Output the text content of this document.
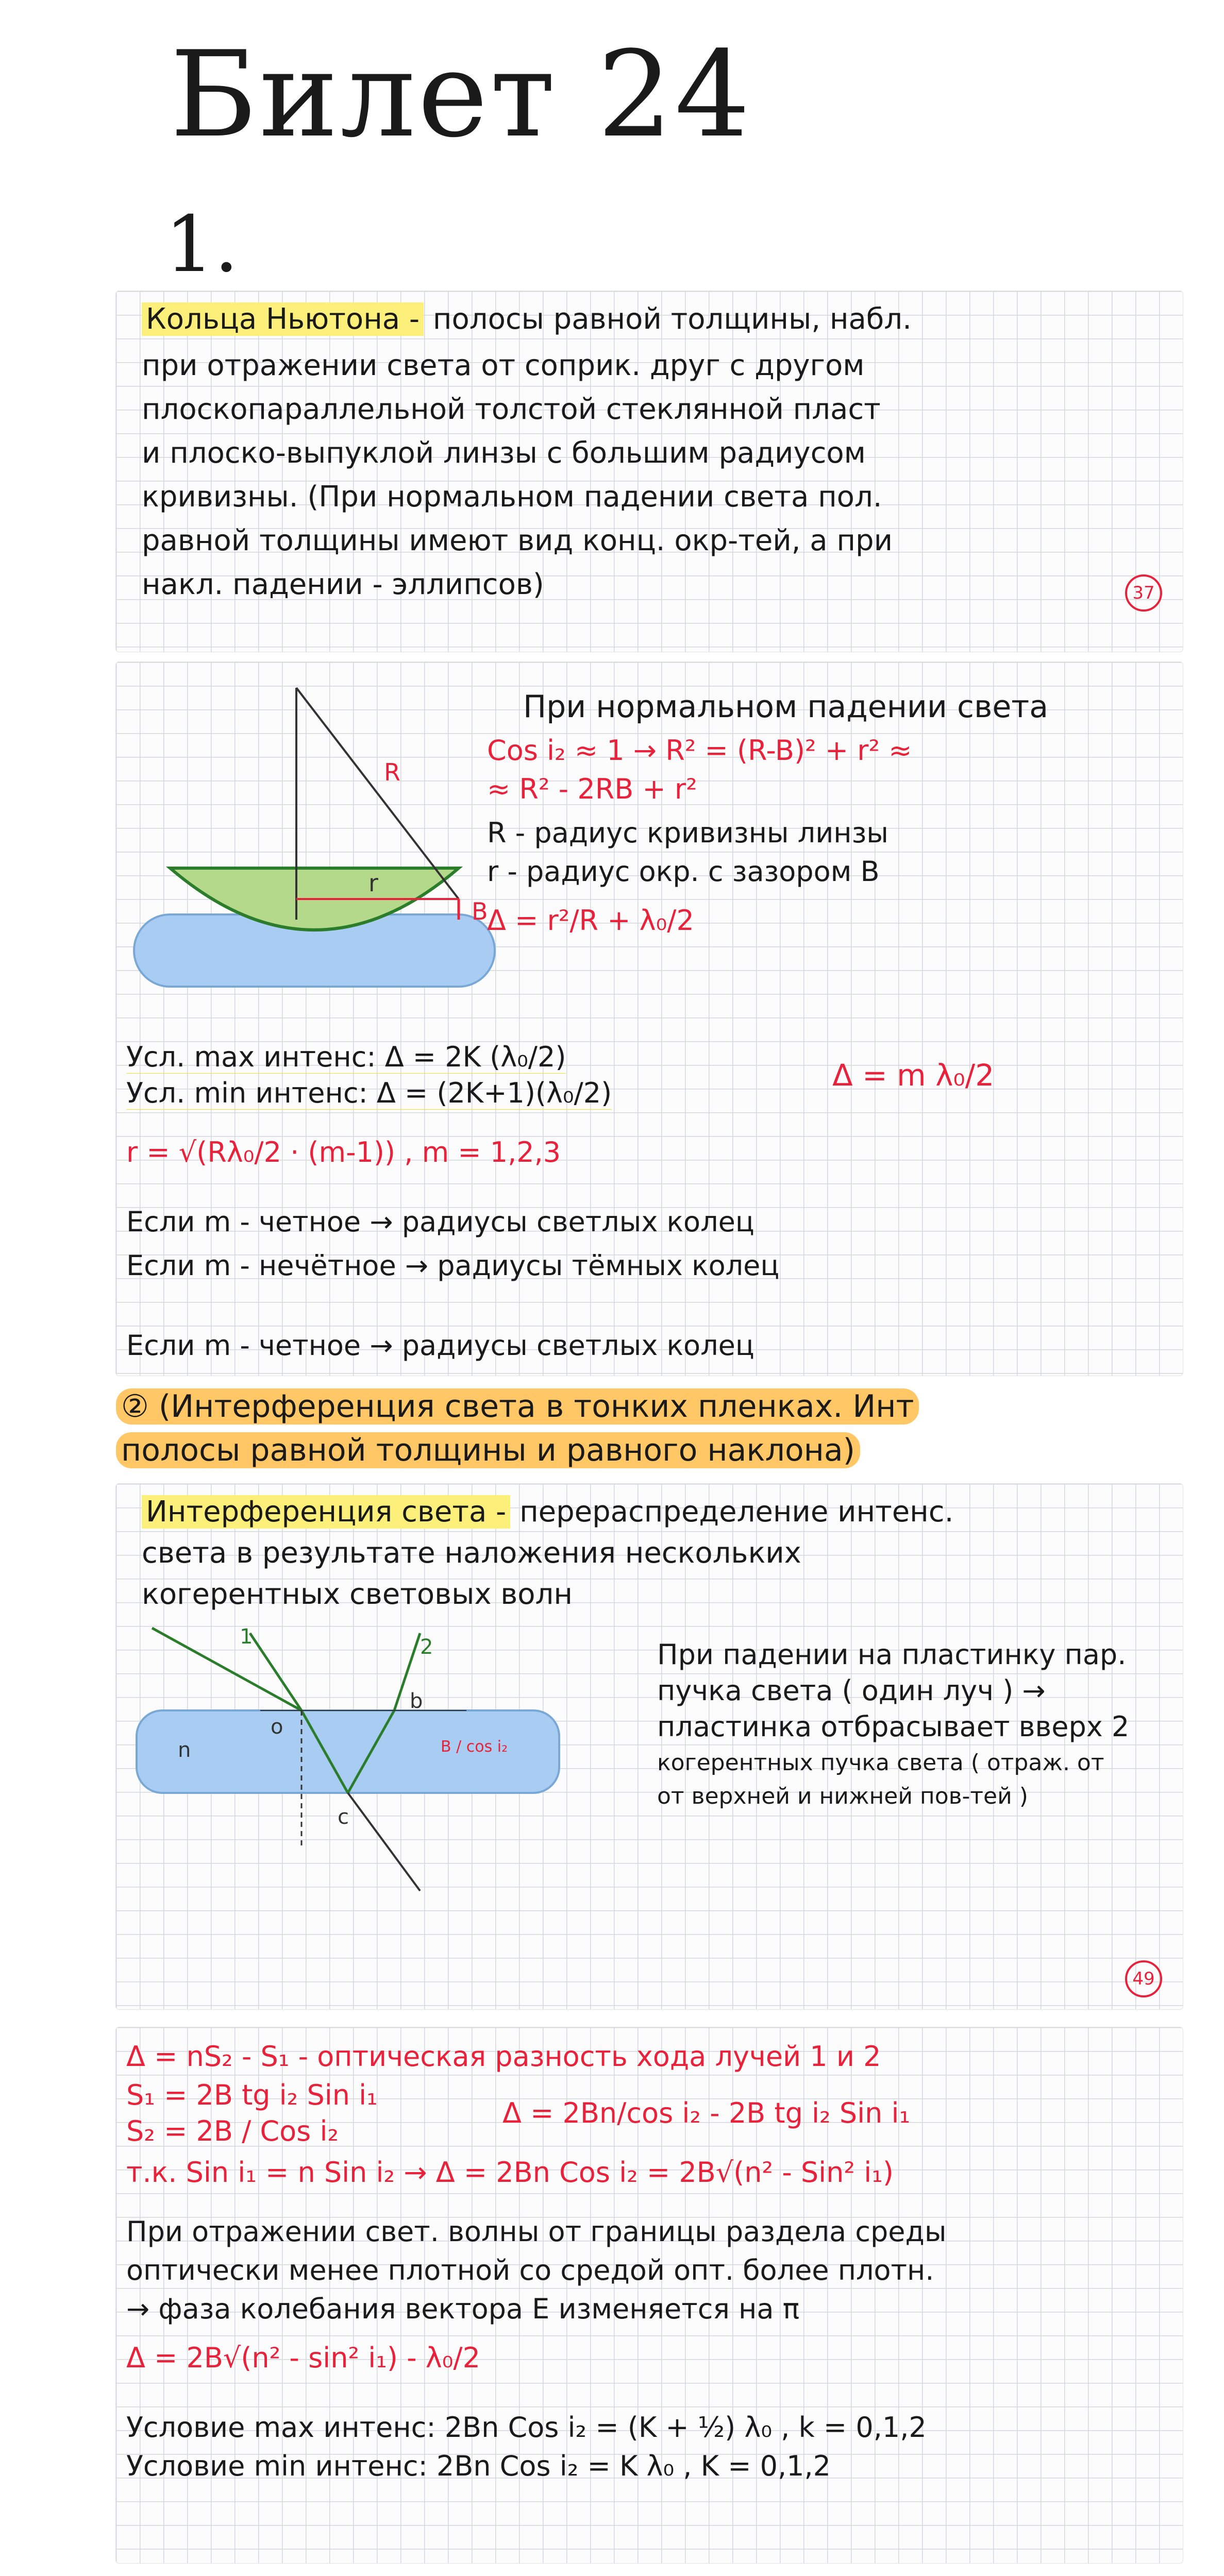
Билет 24
1.
Кольца Ньютона - полосы равной толщины, набл.
при отражении света от соприк. друг с другом
плоскопараллельной толстой стеклянной пласт
и плоско-выпуклой линзы с большим радиусом
кривизны. (При нормальном падении света пол.
равной толщины имеют вид конц. окр-тей, а при
накл. падении - эллипсов)	37
R
r
B
При нормальном падении света
Cos i₂ ≈ 1 → R² = (R-B)² + r² ≈
≈ R² - 2RB + r²
R - радиус кривизны линзы
r - радиус окр. с зазором B
Δ = r²/R + λ₀/2
Усл. max интенс: Δ = 2K (λ₀/2)
Усл. min интенс: Δ = (2K+1)(λ₀/2)
Δ = m λ₀/2
r = √(Rλ₀/2 · (m-1)) , m = 1,2,3
Если m - четное → радиусы светлых колец
Если m - нечётное → радиусы тёмных колец
Если m - четное → радиусы светлых колец
② (Интерференция света в тонких пленках. Инт
полосы равной толщины и равного наклона)
Интерференция света - перераспределение интенс.
света в результате наложения нескольких
когерентных световых волн
1	2
n
o
c
b
B / cos i₂
При падении на пластинку пар.
пучка света ( один луч ) →
пластинка отбрасывает вверх 2
когерентных пучка света ( отраж. от
от верхней и нижней пов-тей )
49
Δ = nS₂ - S₁ - оптическая разность хода лучей 1 и 2
S₁ = 2B tg i₂ Sin i₁
S₂ = 2B / Cos i₂
Δ = 2Bn/cos i₂ - 2B tg i₂ Sin i₁
т.к. Sin i₁ = n Sin i₂ → Δ = 2Bn Cos i₂ = 2B√(n² - Sin² i₁)
При отражении свет. волны от границы раздела среды
оптически менее плотной со средой опт. более плотн.
→ фаза колебания вектора E изменяется на π
Δ = 2B√(n² - sin² i₁) - λ₀/2
Условие max интенс: 2Bn Cos i₂ = (K + ½) λ₀ , k = 0,1,2
Условие min интенс: 2Bn Cos i₂ = K λ₀ , K = 0,1,2
